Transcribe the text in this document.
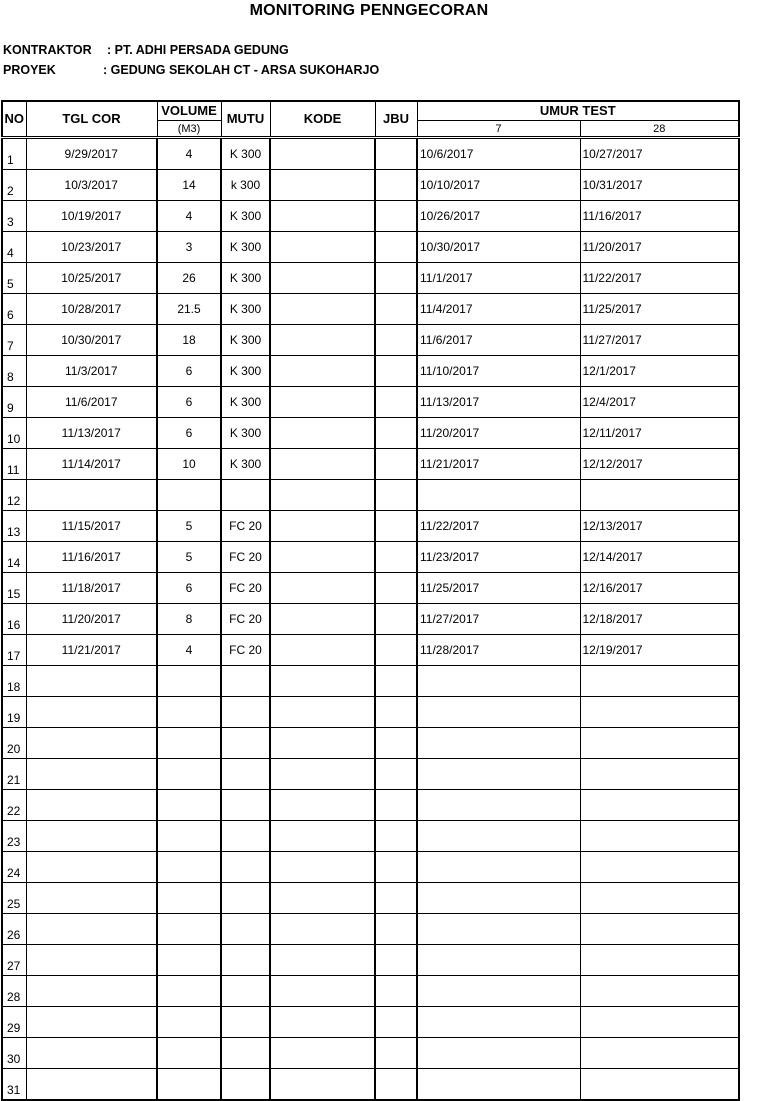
MONITORING PENNGECORAN
KONTRAKTOR : PT. ADHI PERSADA GEDUNG
PROYEK	: GEDUNG SEKOLAH CT - ARSA SUKOHARJO
NO	TGL COR	VOLUME	MUTU	KODE	JBU	UMUR TEST	
		(M3)				7	28
1	9/29/2017	4	K 300			10/6/2017	10/27/2017
2	10/3/2017	14	k 300			10/10/2017	10/31/2017
3	10/19/2017	4	K 300			10/26/2017	11/16/2017
4	10/23/2017	3	K 300			10/30/2017	11/20/2017
5	10/25/2017	26	K 300			11/1/2017	11/22/2017
6	10/28/2017	21.5	K 300			11/4/2017	11/25/2017
7	10/30/2017	18	K 300			11/6/2017	11/27/2017
8	11/3/2017	6	K 300			11/10/2017	12/1/2017
9	11/6/2017	6	K 300			11/13/2017	12/4/2017
10	11/13/2017	6	K 300			11/20/2017	12/11/2017
11	11/14/2017	10	K 300			11/21/2017	12/12/2017
12							
13	11/15/2017	5	FC 20			11/22/2017	12/13/2017
14	11/16/2017	5	FC 20			11/23/2017	12/14/2017
15	11/18/2017	6	FC 20			11/25/2017	12/16/2017
16	11/20/2017	8	FC 20			11/27/2017	12/18/2017
17	11/21/2017	4	FC 20			11/28/2017	12/19/2017
18							
19							
20							
21							
22							
23							
24							
25							
26							
27							
28							
29							
30							
31							
